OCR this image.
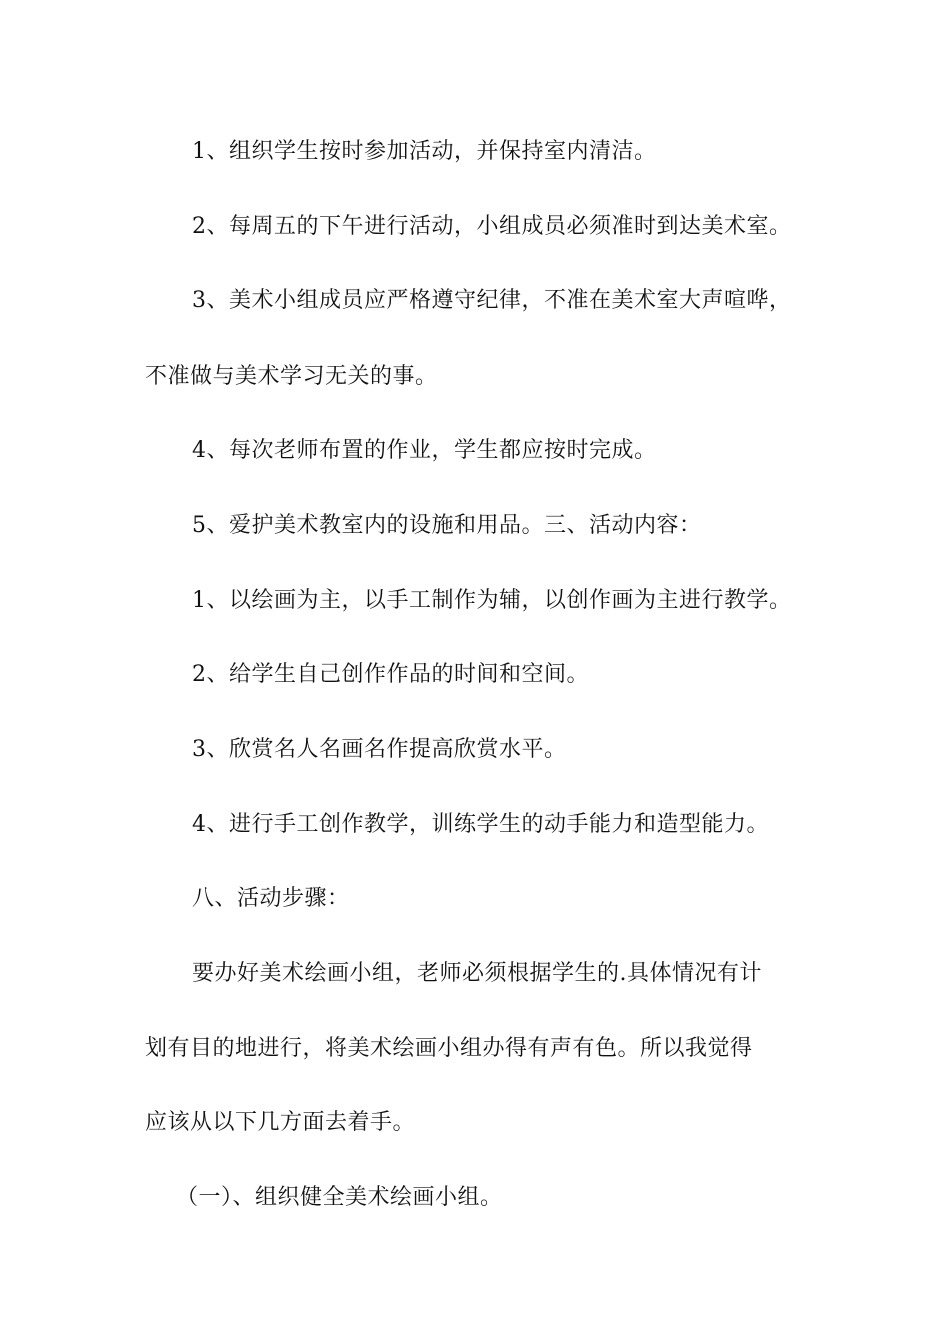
1、组织学生按时参加活动，并保持室内清洁。

2、每周五的下午进行活动，小组成员必须准时到达美术室。

3、美术小组成员应严格遵守纪律，不准在美术室大声喧哗，

不准做与美术学习无关的事。

4、每次老师布置的作业，学生都应按时完成。

5、爱护美术教室内的设施和用品。三、活动内容：

1、以绘画为主，以手工制作为辅，以创作画为主进行教学。

2、给学生自己创作作品的时间和空间。

3、欣赏名人名画名作提高欣赏水平。

4、进行手工创作教学，训练学生的动手能力和造型能力。

八、活动步骤：

要办好美术绘画小组，老师必须根据学生的.具体情况有计

划有目的地进行，将美术绘画小组办得有声有色。所以我觉得

应该从以下几方面去着手。

（一）、组织健全美术绘画小组。
